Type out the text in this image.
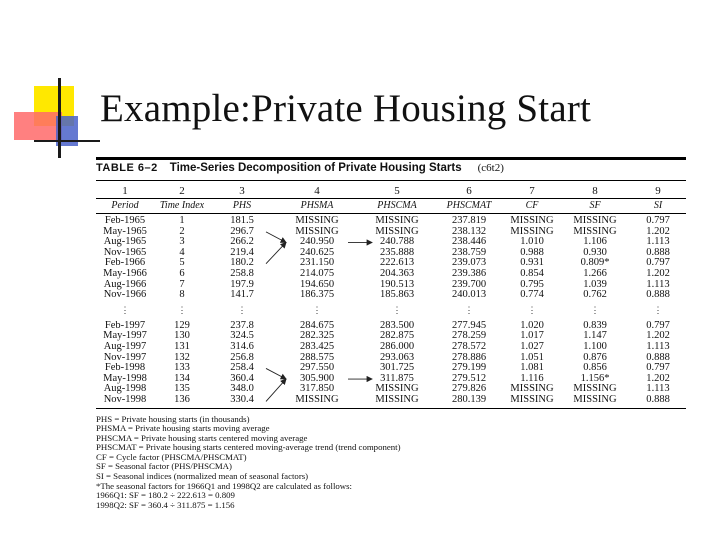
Example:Private Housing Start
TABLE 6–2 Time-Series Decomposition of Private Housing Starts (c6t2)
1	2	3	4	5	6	7	8	9
Period	Time Index	PHS	PHSMA	PHSCMA	PHSCMAT	CF	SF	SI
Feb-1965	1	181.5	MISSING	MISSING	237.819	MISSING	MISSING	0.797
May-1965	2	296.7	MISSING	MISSING	238.132	MISSING	MISSING	1.202
Aug-1965	3	266.2	240.950	240.788	238.446	1.010	1.106	1.113
Nov-1965	4	219.4	240.625	235.888	238.759	0.988	0.930	0.888
Feb-1966	5	180.2	231.150	222.613	239.073	0.931	0.809*	0.797
May-1966	6	258.8	214.075	204.363	239.386	0.854	1.266	1.202
Aug-1966	7	197.9	194.650	190.513	239.700	0.795	1.039	1.113
Nov-1966	8	141.7	186.375	185.863	240.013	0.774	0.762	0.888
⋮	⋮	⋮	⋮	⋮	⋮	⋮	⋮	⋮
Feb-1997	129	237.8	284.675	283.500	277.945	1.020	0.839	0.797
May-1997	130	324.5	282.325	282.875	278.259	1.017	1.147	1.202
Aug-1997	131	314.6	283.425	286.000	278.572	1.027	1.100	1.113
Nov-1997	132	256.8	288.575	293.063	278.886	1.051	0.876	0.888
Feb-1998	133	258.4	297.550	301.725	279.199	1.081	0.856	0.797
May-1998	134	360.4	305.900	311.875	279.512	1.116	1.156*	1.202
Aug-1998	135	348.0	317.850	MISSING	279.826	MISSING	MISSING	1.113
Nov-1998	136	330.4	MISSING	MISSING	280.139	MISSING	MISSING	0.888
PHS = Private housing starts (in thousands)
PHSMA = Private housing starts moving average
PHSCMA = Private housing starts centered moving average
PHSCMAT = Private housing starts centered moving-average trend (trend component)
CF = Cycle factor (PHSCMA/PHSCMAT)
SF = Seasonal factor (PHS/PHSCMA)
SI = Seasonal indices (normalized mean of seasonal factors)
*The seasonal factors for 1966Q1 and 1998Q2 are calculated as follows:
1966Q1: SF = 180.2 ÷ 222.613 = 0.809
1998Q2: SF = 360.4 ÷ 311.875 = 1.156
